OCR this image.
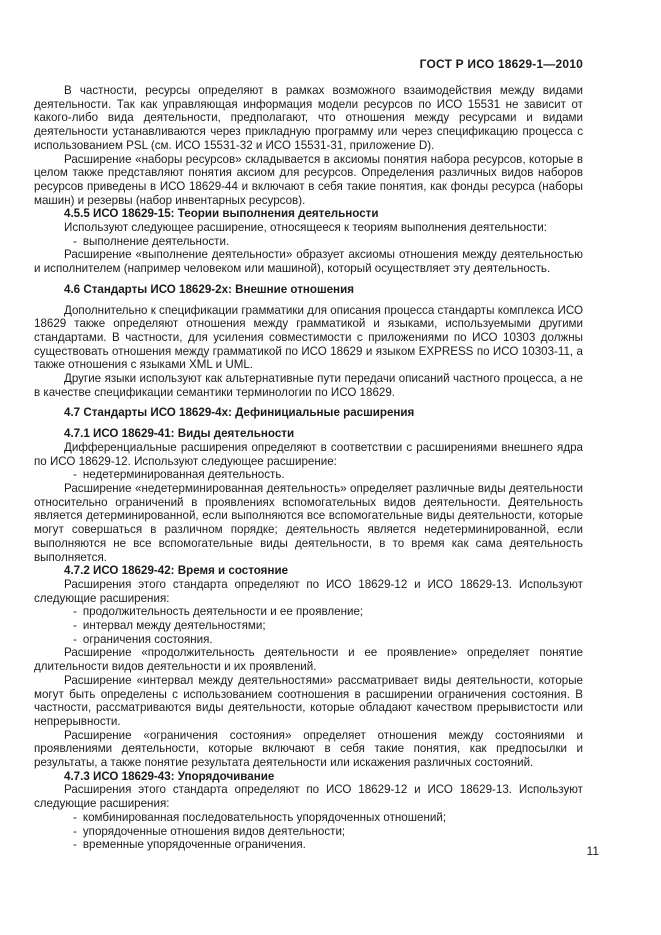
ГОСТ Р ИСО 18629-1—2010

В частности, ресурсы определяют в рамках возможного взаимодействия между видами деятельности. Так как управляющая информация модели ресурсов по ИСО 15531 не зависит от какого-либо вида деятельности, предполагают, что отношения между ресурсами и видами деятельности устанавливаются через прикладную программу или через спецификацию процесса с использованием PSL (см. ИСО 15531-32 и ИСО 15531-31, приложение D).

Расширение «наборы ресурсов» складывается в аксиомы понятия набора ресурсов, которые в целом также представляют понятия аксиом для ресурсов. Определения различных видов наборов ресурсов приведены в ИСО 18629-44 и включают в себя такие понятия, как фонды ресурса (наборы машин) и резервы (набор инвентарных ресурсов).

4.5.5 ИСО 18629-15: Теории выполнения деятельности

Используют следующее расширение, относящееся к теориям выполнения деятельности:

- выполнение деятельности.

Расширение «выполнение деятельности» образует аксиомы отношения между деятельностью и исполнителем (например человеком или машиной), который осуществляет эту деятельность.

4.6 Стандарты ИСО 18629-2х: Внешние отношения

Дополнительно к спецификации грамматики для описания процесса стандарты комплекса ИСО 18629 также определяют отношения между грамматикой и языками, используемыми другими стандартами. В частности, для усиления совместимости с приложениями по ИСО 10303 должны существовать отношения между грамматикой по ИСО 18629 и языком EXPRESS по ИСО 10303-11, а также отношения с языками XML и UML.

Другие языки используют как альтернативные пути передачи описаний частного процесса, а не в качестве спецификации семантики терминологии по ИСО 18629.

4.7 Стандарты ИСО 18629-4х: Дефинициальные расширения
4.7.1 ИСО 18629-41: Виды деятельности

Дифференциальные расширения определяют в соответствии с расширениями внешнего ядра по ИСО 18629-12. Используют следующее расширение:

- недетерминированная деятельность.

Расширение «недетерминированная деятельность» определяет различные виды деятельности относительно ограничений в проявлениях вспомогательных видов деятельности. Деятельность является детерминированной, если выполняются все вспомогательные виды деятельности, которые могут совершаться в различном порядке; деятельность является недетерминированной, если выполняются не все вспомогательные виды деятельности, в то время как сама деятельность выполняется.

4.7.2 ИСО 18629-42: Время и состояние

Расширения этого стандарта определяют по ИСО 18629-12 и ИСО 18629-13. Используют следующие расширения:

- продолжительность деятельности и ее проявление;
- интервал между деятельностями;
- ограничения состояния.

Расширение «продолжительность деятельности и ее проявление» определяет понятие длительности видов деятельности и их проявлений.

Расширение «интервал между деятельностями» рассматривает виды деятельности, которые могут быть определены с использованием соотношения в расширении ограничения состояния. В частности, рассматриваются виды деятельности, которые обладают качеством прерывистости или непрерывности.

Расширение «ограничения состояния» определяет отношения между состояниями и проявлениями деятельности, которые включают в себя такие понятия, как предпосылки и результаты, а также понятие результата деятельности или искажения различных состояний.

4.7.3 ИСО 18629-43: Упорядочивание

Расширения этого стандарта определяют по ИСО 18629-12 и ИСО 18629-13. Используют следующие расширения:

- комбинированная последовательность упорядоченных отношений;
- упорядоченные отношения видов деятельности;
- временные упорядоченные ограничения.	11
